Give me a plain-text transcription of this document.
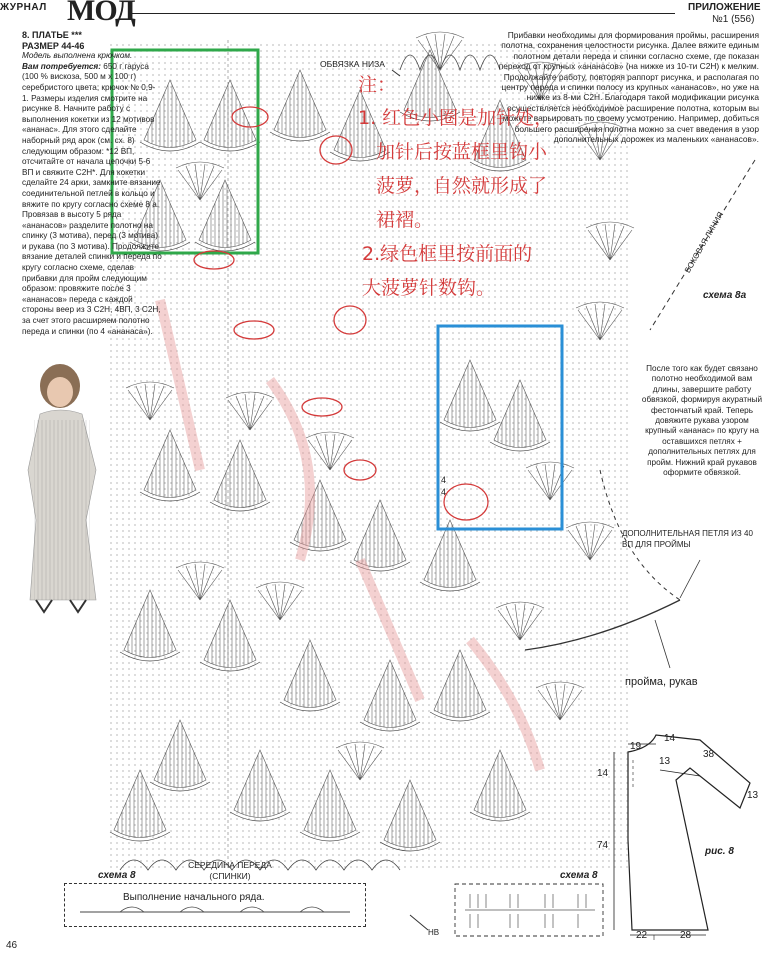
ЖУРНАЛ МОД	ПРИЛОЖЕНИЕ
№1 (556)
8. ПЛАТЬЕ ***
РАЗМЕР 44-46
Модель выполнена крючком.
Вам потребуется: 650 г гаруса (100 % вискоза, 500 м х 100 г) серебристого цвета; крючок № 0,9-1. Размеры изделия смотрите на рисунке 8. Начните работу с выполнения кокетки из 12 мотивов «ананас». Для этого сделайте наборный ряд арок (см. сх. 8) следующим образом: *12 ВП, отсчитайте от начала цепочки 5-6 ВП и свяжите С2Н*. Для кокетки сделайте 24 арки, замкните вязание соединительной петлей в кольцо и вяжите по кругу согласно схеме 8 а. Провязав в высоту 5 ряда «ананасов» разделите полотно на спинку (3 мотива), перед (3 мотива) и рукава (по 3 мотива). Продолжите вязание деталей спинки и переда по кругу согласно схеме, сделав прибавки для пройм следующим образом: провяжите после 3 «ананасов» переда с каждой стороны веер из 3 С2Н, 4ВП, 3 С2Н, за счет этого расширяем полотно переда и спинки (по 4 «ананаса»).
Прибавки необходимы для формирования проймы, расширения полотна, сохранения целостности рисунка. Далее вяжите единым полотном детали переда и спинки согласно схеме, где показан переход от крупных «ананасов» (на нижке из 10-ти С2Н) к мелким. Продолжайте работу, повторяя раппорт рисунка, и располагая по центру переда и спинки полосу из крупных «ананасов», но уже на нижке из 8-ми С2Н. Благодаря такой модификации рисунка осуществляется необходимое расширение полотна, которым вы можете варьировать по своему усмотрению. Например, добиться большего расширения полотна можно за счет введения в узор дополнительных дорожек из маленьких «ананасов».
После того как будет связано полотно необходимой вам длины, завершите работу обвязкой, формируя акуратный фестончатый край. Теперь довяжите рукава узором крупный «ананас» по кругу на оставшихся петлях + дополнительных петлях для пройм. Нижний край рукавов оформите обвязкой.
ОБВЯЗКА НИЗА
БОКОВАЯ ЛИНИЯ
схема 8а
ДОПОЛНИТЕЛЬНАЯ ПЕТЛЯ ИЗ 40 ВП ДЛЯ ПРОЙМЫ
пройма, рукав
СЕРЕДИНА ПЕРЕДА (СПИНКИ)
схема 8	схема 8
НВ
4
4
注：
1. 红色小圈是加针处，
加针后按蓝框里钩小
菠萝，自然就形成了
裙褶。
2.绿色框里按前面的
大菠萝针数钩。
19
14
38
13
14
13
74
22	28
рис. 8
Выполнение начального ряда.
46
